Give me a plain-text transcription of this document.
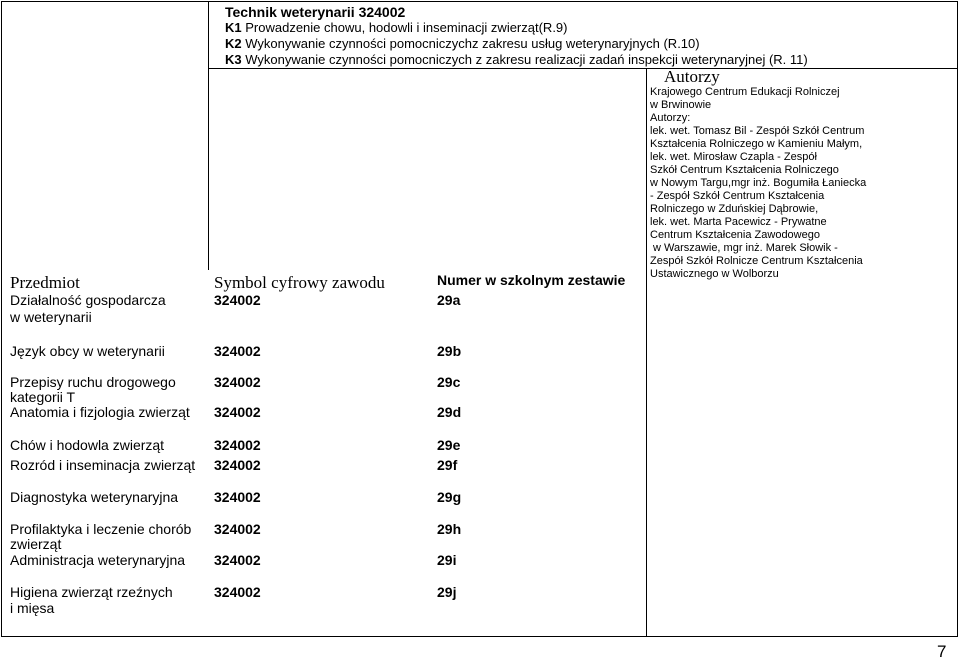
Technik weterynarii 324002
K1 Prowadzenie chowu, hodowli i inseminacji zwierząt(R.9)
K2 Wykonywanie czynności pomocniczychz zakresu usług weterynaryjnych (R.10)
K3 Wykonywanie czynności pomocniczych z zakresu realizacji zadań inspekcji weterynaryjnej (R. 11)
Autorzy
Krajowego Centrum Edukacji Rolniczej
w Brwinowie
Autorzy:
lek. wet. Tomasz Bil - Zespół Szkół Centrum
Kształcenia Rolniczego w Kamieniu Małym,
lek. wet. Mirosław Czapla - Zespół
Szkół Centrum Kształcenia Rolniczego
w Nowym Targu,mgr inż. Bogumiła Łaniecka
- Zespół Szkół Centrum Kształcenia
Rolniczego w Zduńskiej Dąbrowie,
lek. wet. Marta Pacewicz - Prywatne
Centrum Kształcenia Zawodowego
w Warszawie, mgr inż. Marek Słowik -
Zespół Szkół Rolnicze Centrum Kształcenia
Ustawicznego w Wolborzu
Przedmiot	Symbol cyfrowy zawodu	Numer w szkolnym zestawie
Działalność gospodarcza
w weterynarii
324002	29a
Język obcy w weterynarii	324002	29b
Przepisy ruchu drogowego
kategorii T
324002	29c
Anatomia i fizjologia zwierząt 324002	29d
Chów i hodowla zwierząt	324002	29e
Rozród i inseminacja zwierząt 324002	29f
Diagnostyka weterynaryjna	324002	29g
Profilaktyka i leczenie chorób
zwierząt
324002	29h
Administracja weterynaryjna 324002	29i
Higiena zwierząt rzeźnych
i mięsa
324002	29j
7
